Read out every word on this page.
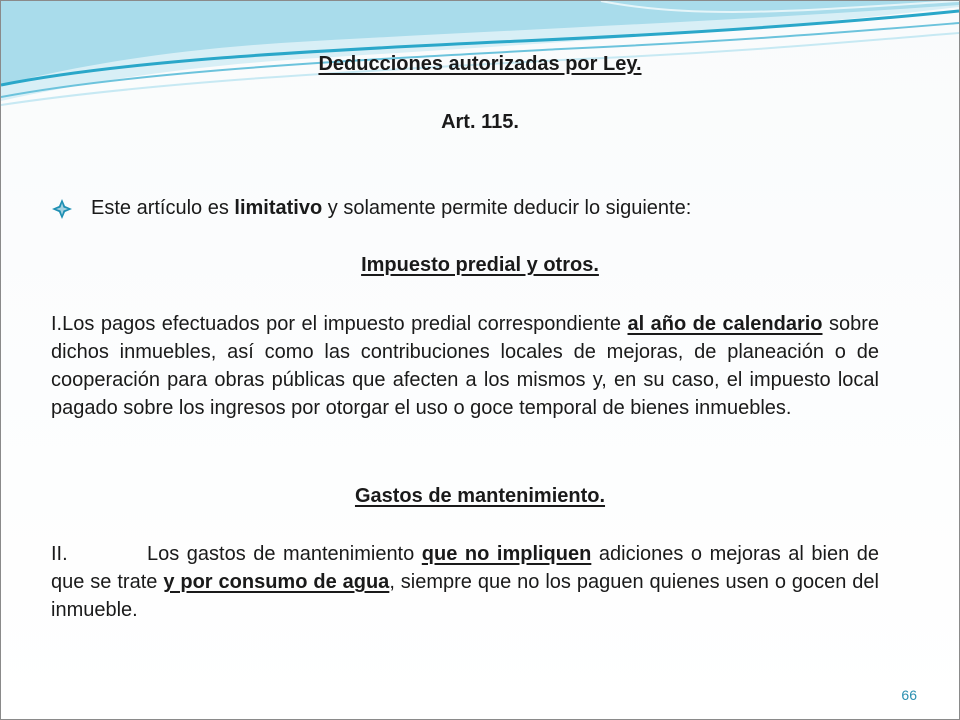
Deducciones autorizadas por Ley.
Art. 115.
Este artículo es limitativo y solamente permite deducir lo siguiente:
Impuesto predial y otros.
I.Los pagos efectuados por el impuesto predial correspondiente al año de calendario sobre dichos inmuebles, así como las contribuciones locales de mejoras, de planeación o de cooperación para obras públicas que afecten a los mismos y, en su caso, el impuesto local pagado sobre los ingresos por otorgar el uso o goce temporal de bienes inmuebles.
Gastos de mantenimiento.
II.	Los gastos de mantenimiento que no impliquen adiciones o mejoras al bien de que se trate y por consumo de agua, siempre que no los paguen quienes usen o gocen del inmueble.
66
